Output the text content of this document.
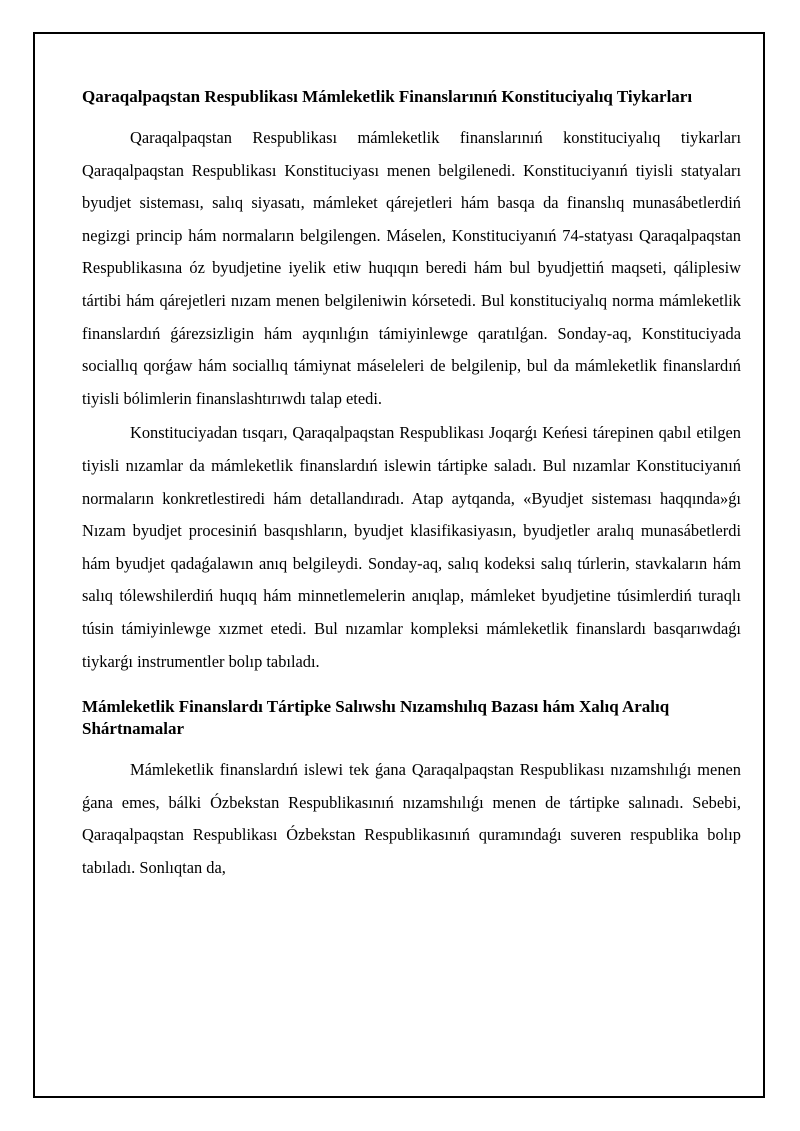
Qaraqalpaqstan Respublikası Mámleketlik Finanslarınıń Konstituciyalıq Tiykarları

Qaraqalpaqstan Respublikası mámleketlik finanslarınıń konstituciyalıq tiykarları Qaraqalpaqstan Respublikası Konstituciyası menen belgilenedi. Konstituciyanıń tiyisli statyaları byudjet sisteması, salıq siyasatı, mámleket qárejetleri hám basqa da finanslıq munasábetlerdiń negizgi princip hám normaların belgilengen. Máselen, Konstituciyanıń 74-statyası Qaraqalpaqstan Respublikasına óz byudjetine iyelik etiw huqıqın beredi hám bul byudjettiń maqseti, qáliplesiw tártibi hám qárejetleri nızam menen belgileniwin kórsetedi. Bul konstituciyalıq norma mámleketlik finanslardıń ǵárezsizligin hám ayqınlıǵın támiyinlewge qaratılǵan. Sonday-aq, Konstituciyada sociallıq qorǵaw hám sociallıq támiynat máseleleri de belgilenip, bul da mámleketlik finanslardıń tiyisli bólimlerin finanslashtırıwdı talap etedi.

Konstituciyadan tısqarı, Qaraqalpaqstan Respublikası Joqarǵı Keńesi tárepinen qabıl etilgen tiyisli nızamlar da mámleketlik finanslardıń islewin tártipke saladı. Bul nızamlar Konstituciyanıń normaların konkretlestiredi hám detallandıradı. Atap aytqanda, «Byudjet sisteması haqqında»ǵı Nızam byudjet procesiniń basqıshların, byudjet klasifikasiyasın, byudjetler aralıq munasábetlerdi hám byudjet qadaǵalawın anıq belgileydi. Sonday-aq, salıq kodeksi salıq túrlerin, stavkaların hám salıq tólewshilerdiń huqıq hám minnetlemelerin anıqlap, mámleket byudjetine túsimlerdiń turaqlı túsin támiyinlewge xızmet etedi. Bul nızamlar kompleksi mámleketlik finanslardı basqarıwdaǵı tiykarǵı instrumentler bolıp tabıladı.

Mámleketlik Finanslardı Tártipke Salıwshı Nızamshılıq Bazası hám Xalıq Aralıq Shártnamalar

Mámleketlik finanslardıń islewi tek ǵana Qaraqalpaqstan Respublikası nızamshılıǵı menen ǵana emes, bálki Ózbekstan Respublikasınıń nızamshılıǵı menen de tártipke salınadı. Sebebi, Qaraqalpaqstan Respublikası Ózbekstan Respublikasınıń quramındaǵı suveren respublika bolıp tabıladı. Sonlıqtan da,
